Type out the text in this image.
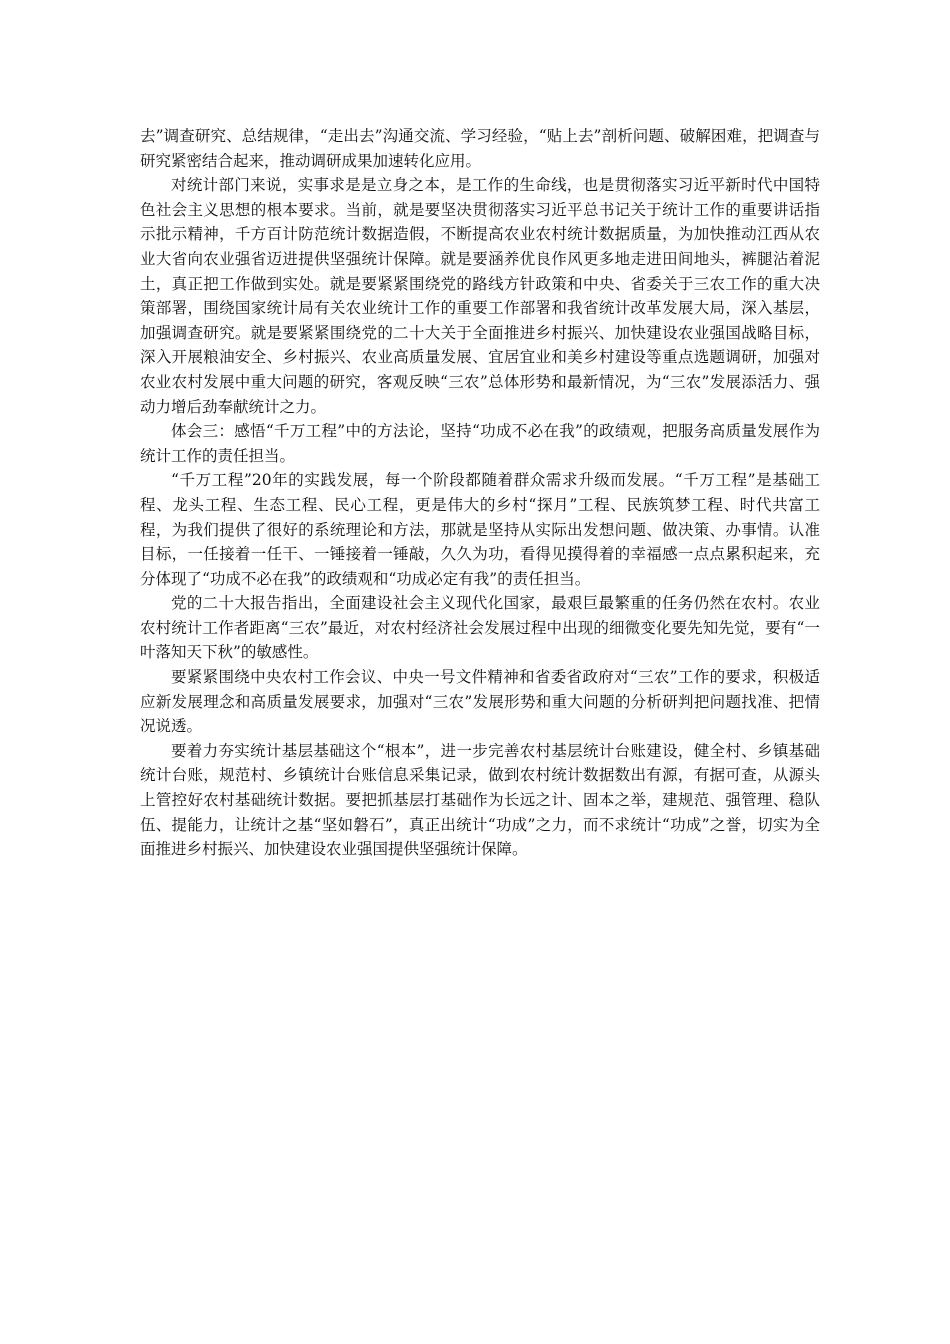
去”调查研究、总结规律，“走出去”沟通交流、学习经验，“贴上去”剖析问题、破解困难，把调查与研究紧密结合起来，推动调研成果加速转化应用。

对统计部门来说，实事求是是立身之本，是工作的生命线，也是贯彻落实习近平新时代中国特色社会主义思想的根本要求。当前，就是要坚决贯彻落实习近平总书记关于统计工作的重要讲话指示批示精神，千方百计防范统计数据造假，不断提高农业农村统计数据质量，为加快推动江西从农业大省向农业强省迈进提供坚强统计保障。就是要涵养优良作风更多地走进田间地头，裤腿沾着泥土，真正把工作做到实处。就是要紧紧围绕党的路线方针政策和中央、省委关于三农工作的重大决策部署，围绕国家统计局有关农业统计工作的重要工作部署和我省统计改革发展大局，深入基层，加强调查研究。就是要紧紧围绕党的二十大关于全面推进乡村振兴、加快建设农业强国战略目标，深入开展粮油安全、乡村振兴、农业高质量发展、宜居宜业和美乡村建设等重点选题调研，加强对农业农村发展中重大问题的研究，客观反映“三农”总体形势和最新情况，为“三农”发展添活力、强动力增后劲奉献统计之力。

体会三：感悟“千万工程”中的方法论，坚持“功成不必在我”的政绩观，把服务高质量发展作为统计工作的责任担当。

“千万工程”20年的实践发展，每一个阶段都随着群众需求升级而发展。“千万工程”是基础工程、龙头工程、生态工程、民心工程，更是伟大的乡村“探月”工程、民族筑梦工程、时代共富工程，为我们提供了很好的系统理论和方法，那就是坚持从实际出发想问题、做决策、办事情。认准目标，一任接着一任干、一锤接着一锤敲，久久为功，看得见摸得着的幸福感一点点累积起来，充分体现了“功成不必在我”的政绩观和“功成必定有我”的责任担当。

党的二十大报告指出，全面建设社会主义现代化国家，最艰巨最繁重的任务仍然在农村。农业农村统计工作者距离“三农”最近，对农村经济社会发展过程中出现的细微变化要先知先觉，要有“一叶落知天下秋”的敏感性。

要紧紧围绕中央农村工作会议、中央一号文件精神和省委省政府对“三农”工作的要求，积极适应新发展理念和高质量发展要求，加强对“三农”发展形势和重大问题的分析研判把问题找准、把情况说透。

要着力夯实统计基层基础这个“根本”，进一步完善农村基层统计台账建设，健全村、乡镇基础统计台账，规范村、乡镇统计台账信息采集记录，做到农村统计数据数出有源，有据可查，从源头上管控好农村基础统计数据。要把抓基层打基础作为长远之计、固本之举，建规范、强管理、稳队伍、提能力，让统计之基“坚如磐石”，真正出统计“功成”之力，而不求统计“功成”之誉，切实为全面推进乡村振兴、加快建设农业强国提供坚强统计保障。
